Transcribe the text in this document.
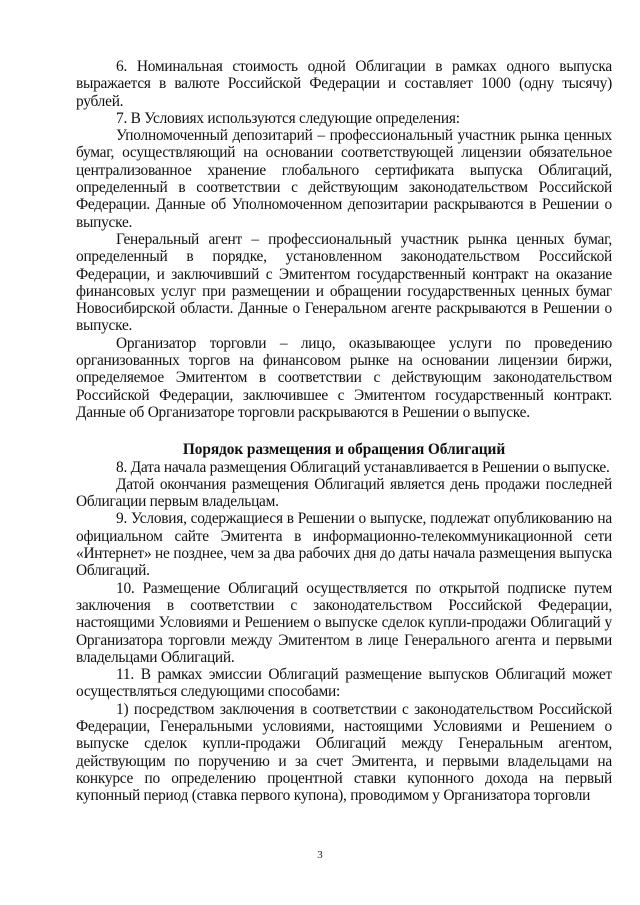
6. Номинальная стоимость одной Облигации в рамках одного выпуска выражается в валюте Российской Федерации и составляет 1000 (одну тысячу) рублей.

7. В Условиях используются следующие определения:

Уполномоченный депозитарий – профессиональный участник рынка ценных бумаг, осуществляющий на основании соответствующей лицензии обязательное централизованное хранение глобального сертификата выпуска Облигаций, определенный в соответствии с действующим законодательством Российской Федерации. Данные об Уполномоченном депозитарии раскрываются в Решении о выпуске.

Генеральный агент – профессиональный участник рынка ценных бумаг, определенный в порядке, установленном законодательством Российской Федерации, и заключивший с Эмитентом государственный контракт на оказание финансовых услуг при размещении и обращении государственных ценных бумаг Новосибирской области. Данные о Генеральном агенте раскрываются в Решении о выпуске.

Организатор торговли – лицо, оказывающее услуги по проведению организованных торгов на финансовом рынке на основании лицензии биржи, определяемое Эмитентом в соответствии с действующим законодательством Российской Федерации, заключившее с Эмитентом государственный контракт. Данные об Организаторе торговли раскрываются в Решении о выпуске.

Порядок размещения и обращения Облигаций

8. Дата начала размещения Облигаций устанавливается в Решении о выпуске.

Датой окончания размещения Облигаций является день продажи последней Облигации первым владельцам.

9. Условия, содержащиеся в Решении о выпуске, подлежат опубликованию на официальном сайте Эмитента в информационно-телекоммуникационной сети «Интернет» не позднее, чем за два рабочих дня до даты начала размещения выпуска Облигаций.

10. Размещение Облигаций осуществляется по открытой подписке путем заключения в соответствии с законодательством Российской Федерации, настоящими Условиями и Решением о выпуске сделок купли-продажи Облигаций у Организатора торговли между Эмитентом в лице Генерального агента и первыми владельцами Облигаций.

11. В рамках эмиссии Облигаций размещение выпусков Облигаций может осуществляться следующими способами:

1) посредством заключения в соответствии с законодательством Российской Федерации, Генеральными условиями, настоящими Условиями и Решением о выпуске сделок купли-продажи Облигаций между Генеральным агентом, действующим по поручению и за счет Эмитента, и первыми владельцами на конкурсе по определению процентной ставки купонного дохода на первый купонный период (ставка первого купона), проводимом у Организатора торговли

3
